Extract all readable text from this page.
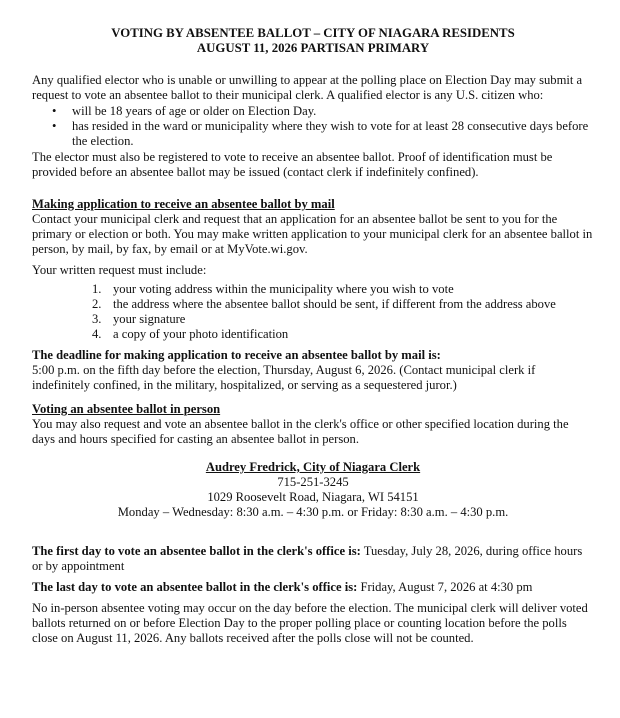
VOTING BY ABSENTEE BALLOT – CITY OF NIAGARA RESIDENTS
AUGUST 11, 2026 PARTISAN PRIMARY

Any qualified elector who is unable or unwilling to appear at the polling place on Election Day may submit a request to vote an absentee ballot to their municipal clerk. A qualified elector is any U.S. citizen who:

• will be 18 years of age or older on Election Day.
• has resided in the ward or municipality where they wish to vote for at least 28 consecutive days before the election.

The elector must also be registered to vote to receive an absentee ballot. Proof of identification must be provided before an absentee ballot may be issued (contact clerk if indefinitely confined).

Making application to receive an absentee ballot by mail

Contact your municipal clerk and request that an application for an absentee ballot be sent to you for the primary or election or both. You may make written application to your municipal clerk for an absentee ballot in person, by mail, by fax, by email or at MyVote.wi.gov.

Your written request must include:

1. your voting address within the municipality where you wish to vote
2. the address where the absentee ballot should be sent, if different from the address above
3. your signature
4. a copy of your photo identification
The deadline for making application to receive an absentee ballot by mail is:

5:00 p.m. on the fifth day before the election, Thursday, August 6, 2026. (Contact municipal clerk if indefinitely confined, in the military, hospitalized, or serving as a sequestered juror.)

Voting an absentee ballot in person

You may also request and vote an absentee ballot in the clerk's office or other specified location during the days and hours specified for casting an absentee ballot in person.

Audrey Fredrick, City of Niagara Clerk
715-251-3245
1029 Roosevelt Road, Niagara, WI 54151
Monday – Wednesday: 8:30 a.m. – 4:30 p.m. or Friday: 8:30 a.m. – 4:30 p.m.

The first day to vote an absentee ballot in the clerk's office is: Tuesday, July 28, 2026, during office hours or by appointment

The last day to vote an absentee ballot in the clerk's office is: Friday, August 7, 2026 at 4:30 pm

No in-person absentee voting may occur on the day before the election. The municipal clerk will deliver voted ballots returned on or before Election Day to the proper polling place or counting location before the polls close on August 11, 2026. Any ballots received after the polls close will not be counted.
